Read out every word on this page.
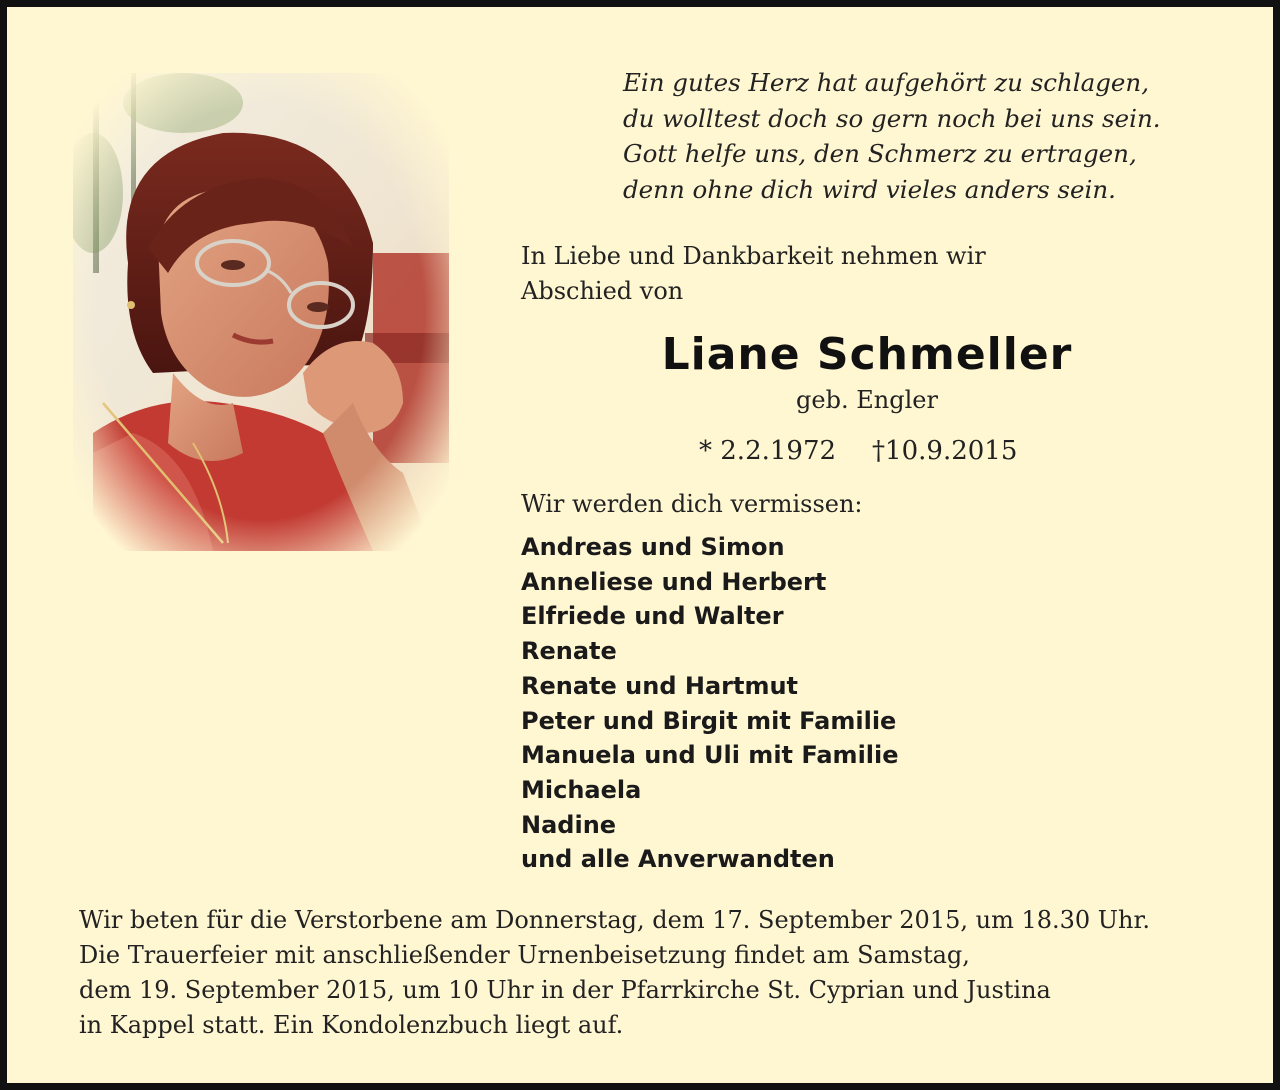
Ein gutes Herz hat aufgehört zu schlagen,
du wolltest doch so gern noch bei uns sein.
Gott helfe uns, den Schmerz zu ertragen,
denn ohne dich wird vieles anders sein.
In Liebe und Dankbarkeit nehmen wir
Abschied von
Liane Schmeller
geb. Engler
* 2.2.1972 †10.9.2015
Wir werden dich vermissen:
Andreas und Simon
Anneliese und Herbert
Elfriede und Walter
Renate
Renate und Hartmut
Peter und Birgit mit Familie
Manuela und Uli mit Familie
Michaela
Nadine
und alle Anverwandten
Wir beten für die Verstorbene am Donnerstag, dem 17. September 2015, um 18.30 Uhr.
Die Trauerfeier mit anschließender Urnenbeisetzung findet am Samstag,
dem 19. September 2015, um 10 Uhr in der Pfarrkirche St. Cyprian und Justina
in Kappel statt. Ein Kondolenzbuch liegt auf.
